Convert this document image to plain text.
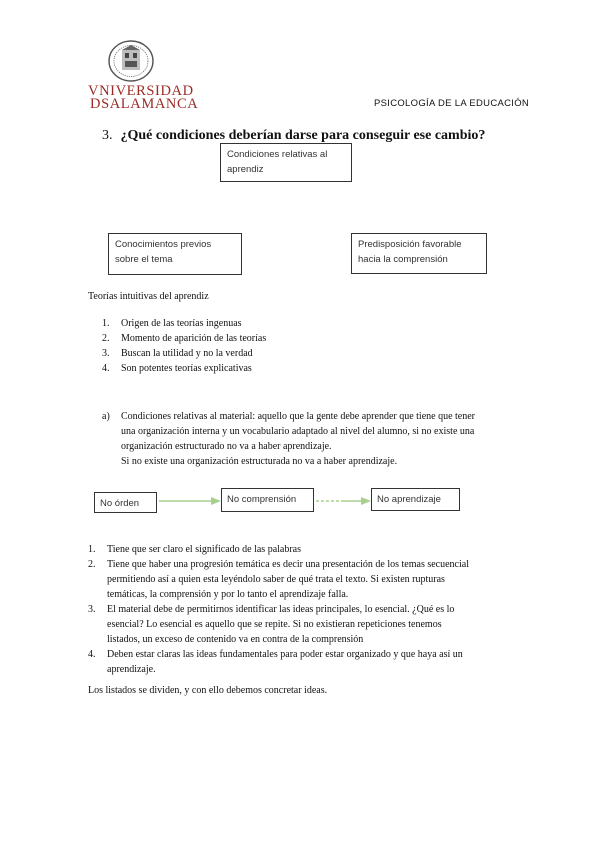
VNIVERSIDAD
DSALAMANCA	PSICOLOGÍA DE LA EDUCACIÓN
3. ¿Qué condiciones deberían darse para conseguir ese cambio?
Condiciones relativas al
aprendiz
Conocimientos previos
sobre el tema
Predisposición favorable
hacia la comprensión
Teorías intuitivas del aprendiz
1. Origen de las teorías ingenuas
2. Momento de aparición de las teorías
3. Buscan la utilidad y no la verdad
4. Son potentes teorías explicativas
a) Condiciones relativas al material: aquello que la gente debe aprender que tiene que tener
una organización interna y un vocabulario adaptado al nivel del alumno, si no existe una
organización estructurado no va a haber aprendizaje.
Si no existe una organización estructurada no va a haber aprendizaje.
No órden	No comprensión	No aprendizaje
1.	Tiene que ser claro el significado de las palabras
2.	Tiene que haber una progresión temática es decir una presentación de los temas secuencial
permitiendo así a quien esta leyéndolo saber de qué trata el texto. Si existen rupturas
temáticas, la comprensión y por lo tanto el aprendizaje falla.
3.	El material debe de permitirnos identificar las ideas principales, lo esencial. ¿Qué es lo
esencial? Lo esencial es aquello que se repite. Si no existieran repeticiones tenemos
listados, un exceso de contenido va en contra de la comprensión
4.	Deben estar claras las ideas fundamentales para poder estar organizado y que haya así un
aprendizaje.
Los listados se dividen, y con ello debemos concretar ideas.
